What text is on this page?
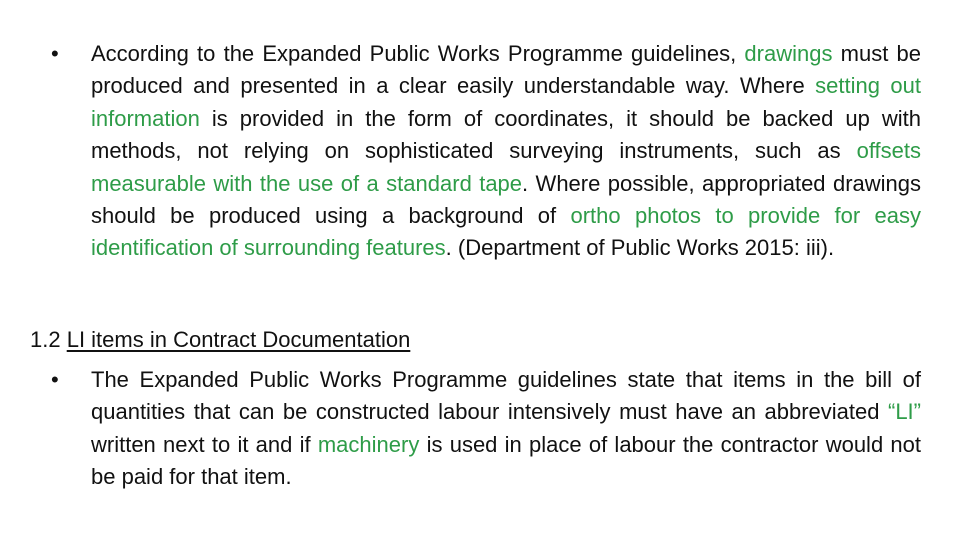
• According to the Expanded Public Works Programme guidelines, drawings must be produced and presented in a clear easily understandable way. Where setting out information is provided in the form of coordinates, it should be backed up with methods, not relying on sophisticated surveying instruments, such as offsets measurable with the use of a standard tape. Where possible, appropriated drawings should be produced using a background of ortho photos to provide for easy identification of surrounding features. (Department of Public Works 2015: iii).

1.2 LI items in Contract Documentation
• The Expanded Public Works Programme guidelines state that items in the bill of quantities that can be constructed labour intensively must have an abbreviated “LI” written next to it and if machinery is used in place of labour the contractor would not be paid for that item.
